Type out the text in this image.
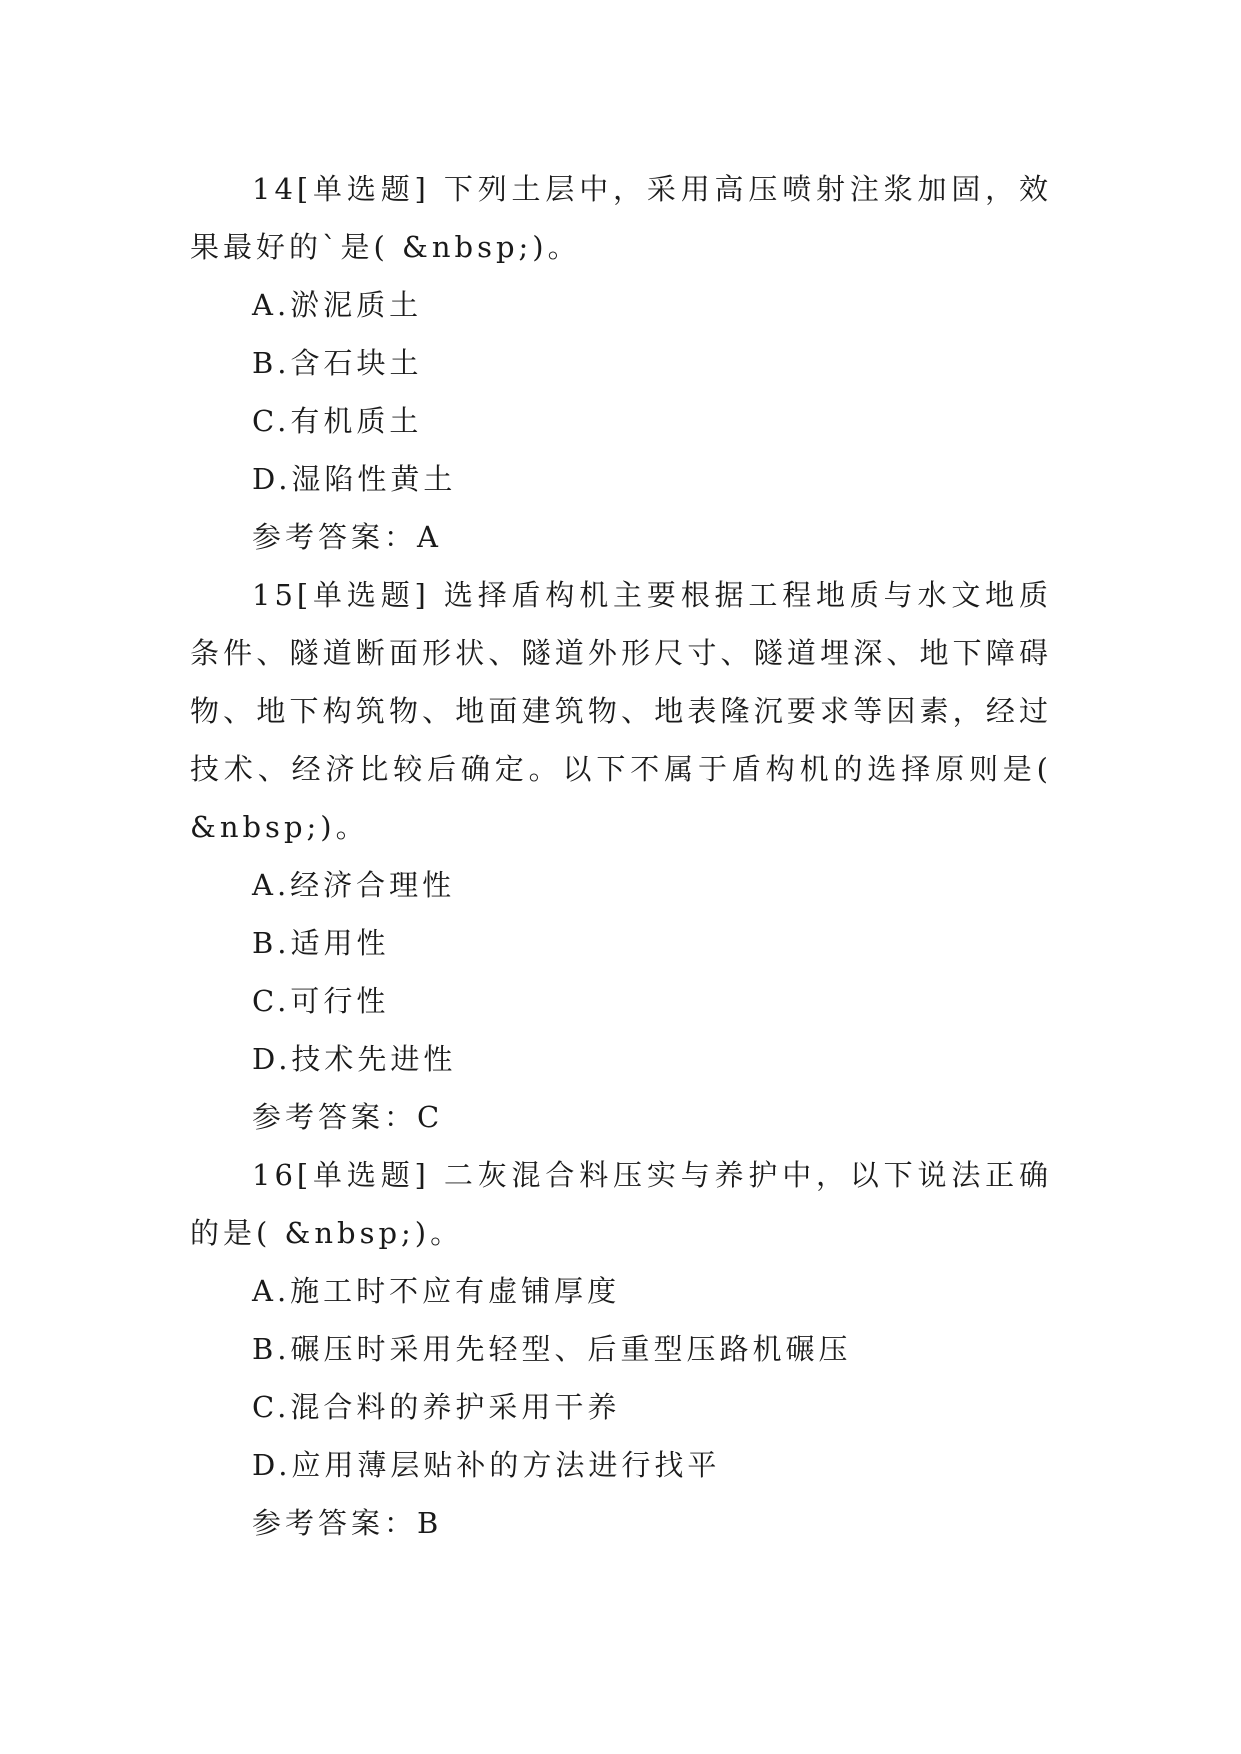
14[单选题] 下列土层中，采用高压喷射注浆加固，效果最好的`是( &nbsp;)。

A.淤泥质土

B.含石块土

C.有机质土

D.湿陷性黄土

参考答案：A

15[单选题] 选择盾构机主要根据工程地质与水文地质条件、隧道断面形状、隧道外形尺寸、隧道埋深、地下障碍物、地下构筑物、地面建筑物、地表隆沉要求等因素，经过技术、经济比较后确定。以下不属于盾构机的选择原则是( &nbsp;)。

A.经济合理性

B.适用性

C.可行性

D.技术先进性

参考答案：C

16[单选题] 二灰混合料压实与养护中，以下说法正确的是( &nbsp;)。

A.施工时不应有虚铺厚度

B.碾压时采用先轻型、后重型压路机碾压

C.混合料的养护采用干养

D.应用薄层贴补的方法进行找平

参考答案：B
